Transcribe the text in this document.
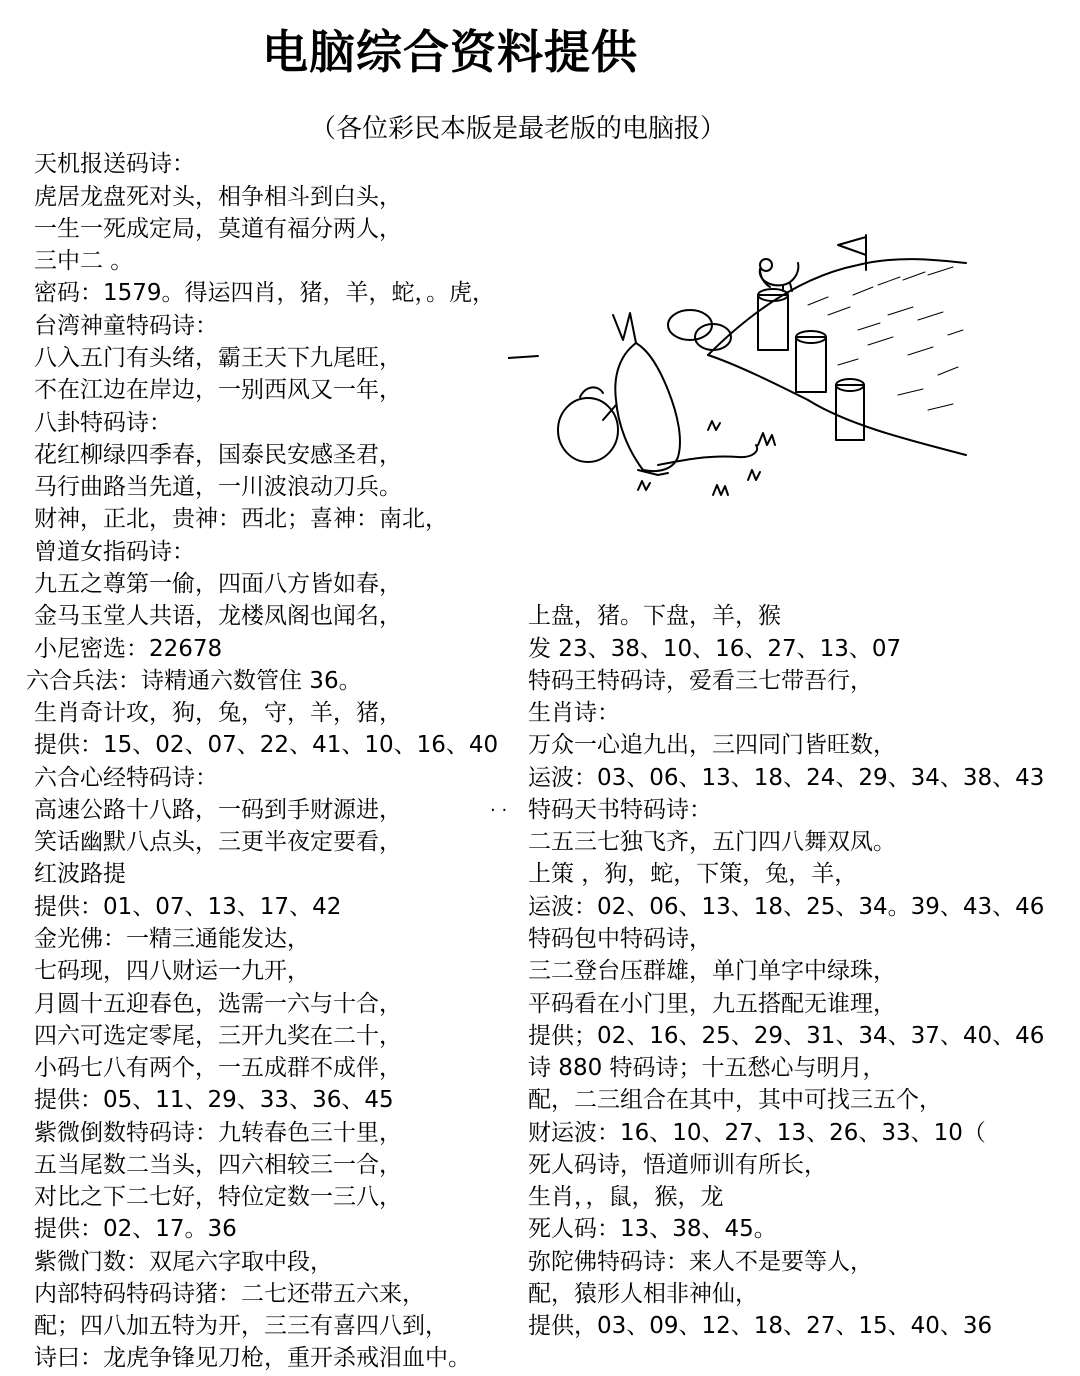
电脑综合资料提供
（各位彩民本版是最老版的电脑报）
天机报送码诗：
虎居龙盘死对头，相争相斗到白头，
一生一死成定局，莫道有福分两人，
三中二 。
密码：1579。得运四肖，猪，羊，蛇，。虎，
台湾神童特码诗：
八入五门有头绪，霸王天下九尾旺，
不在江边在岸边，一别西风又一年，
八卦特码诗：
花红柳绿四季春，国泰民安感圣君，
马行曲路当先道，一川波浪动刀兵。
财神，正北，贵神：西北；喜神：南北，
曾道女指码诗：
九五之尊第一偷，四面八方皆如春，
金马玉堂人共语，龙楼凤阁也闻名，
小尼密选：22678
六合兵法：诗精通六数管住 36。
生肖奇计攻，狗，兔，守，羊，猪，
提供：15、02、07、22、41、10、16、40
六合心经特码诗：
高速公路十八路，一码到手财源进，
笑话幽默八点头，三更半夜定要看，
红波路提
提供：01、07、13、17、42
金光佛：一精三通能发达，
七码现，四八财运一九开，
月圆十五迎春色，选需一六与十合，
四六可选定零尾，三开九奖在二十，
小码七八有两个，一五成群不成伴，
提供：05、11、29、33、36、45
紫微倒数特码诗：九转春色三十里，
五当尾数二当头，四六相较三一合，
对比之下二七好，特位定数一三八，
提供：02、17。36
紫微门数：双尾六字取中段，
内部特码特码诗猪：二七还带五六来，
配；四八加五特为开，三三有喜四八到，
诗曰：龙虎争锋见刀枪，重开杀戒泪血中。
上盘，猪。下盘，羊，猴
发 23、38、10、16、27、13、07
特码王特码诗，爱看三七带吾行，
生肖诗：
万众一心追九出，三四同门皆旺数，
运波：03、06、13、18、24、29、34、38、43
特码天书特码诗：
二五三七独飞齐，五门四八舞双凤。
上策 ，狗，蛇，下策，兔，羊，
运波：02、06、13、18、25、34。39、43、46
特码包中特码诗，
三二登台压群雄，单门单字中绿珠，
平码看在小门里，九五搭配无谁理，
提供；02、16、25、29、31、34、37、40、46
诗 880 特码诗；十五愁心与明月，
配，二三组合在其中，其中可找三五个，
财运波：16、10、27、13、26、33、10（
死人码诗，悟道师训有所长，
生肖，，鼠，猴，龙
死人码：13、38、45。
弥陀佛特码诗：来人不是要等人，
配，猿形人相非神仙，
提供，03、09、12、18、27、15、40、36
· ·
